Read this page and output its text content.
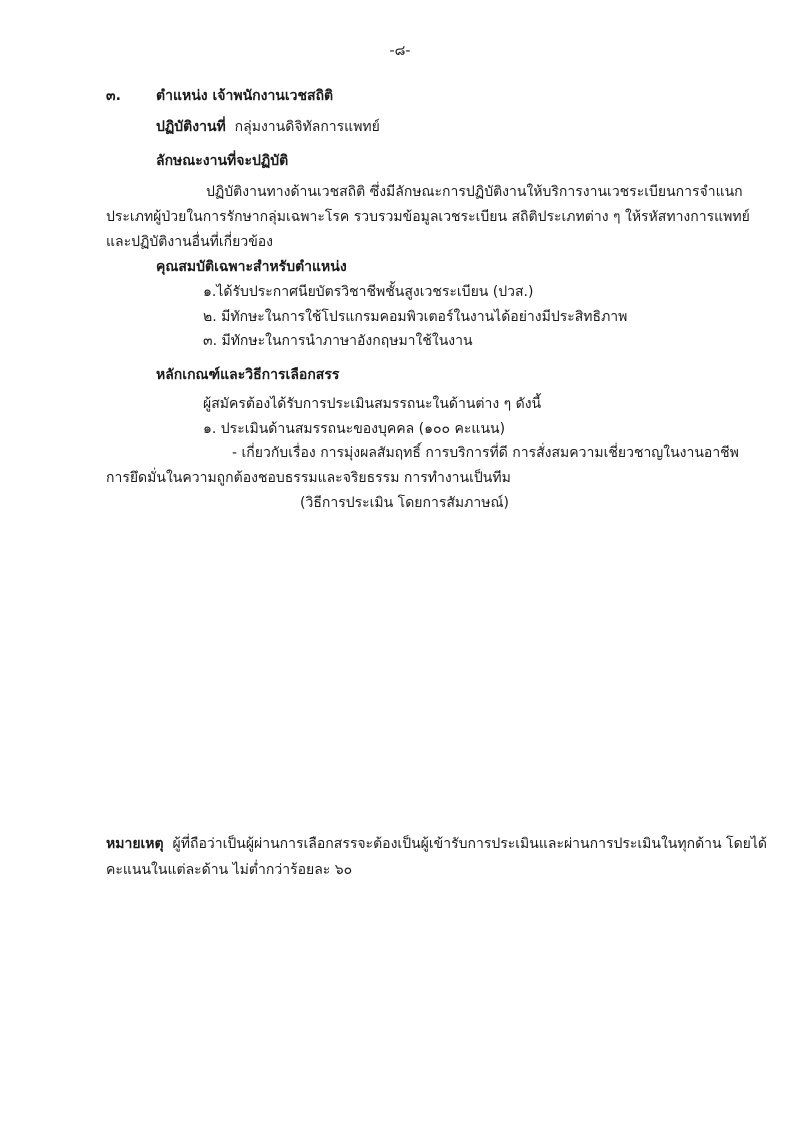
-๘-
๓.	ตำแหน่ง เจ้าพนักงานเวชสถิติ
ปฏิบัติงานที่ กลุ่มงานดิจิทัลการแพทย์
ลักษณะงานที่จะปฏิบัติ
ปฏิบัติงานทางด้านเวชสถิติ ซึ่งมีลักษณะการปฏิบัติงานให้บริการงานเวชระเบียนการจำแนก
ประเภทผู้ป่วยในการรักษากลุ่มเฉพาะโรค รวบรวมข้อมูลเวชระเบียน สถิติประเภทต่าง ๆ ให้รหัสทางการแพทย์
และปฏิบัติงานอื่นที่เกี่ยวข้อง
คุณสมบัติเฉพาะสำหรับตำแหน่ง
๑.ได้รับประกาศนียบัตรวิชาชีพชั้นสูงเวชระเบียน (ปวส.)
๒. มีทักษะในการใช้โปรแกรมคอมพิวเตอร์ในงานได้อย่างมีประสิทธิภาพ
๓. มีทักษะในการนำภาษาอังกฤษมาใช้ในงาน
หลักเกณฑ์และวิธีการเลือกสรร
ผู้สมัครต้องได้รับการประเมินสมรรถนะในด้านต่าง ๆ ดังนี้
๑. ประเมินด้านสมรรถนะของบุคคล (๑๐๐ คะแนน)
- เกี่ยวกับเรื่อง การมุ่งผลสัมฤทธิ์ การบริการที่ดี การสั่งสมความเชี่ยวชาญในงานอาชีพ
การยึดมั่นในความถูกต้องชอบธรรมและจริยธรรม การทำงานเป็นทีม
(วิธีการประเมิน โดยการสัมภาษณ์)
หมายเหตุ ผู้ที่ถือว่าเป็นผู้ผ่านการเลือกสรรจะต้องเป็นผู้เข้ารับการประเมินและผ่านการประเมินในทุกด้าน โดยได้
คะแนนในแต่ละด้าน ไม่ต่ำกว่าร้อยละ ๖๐
